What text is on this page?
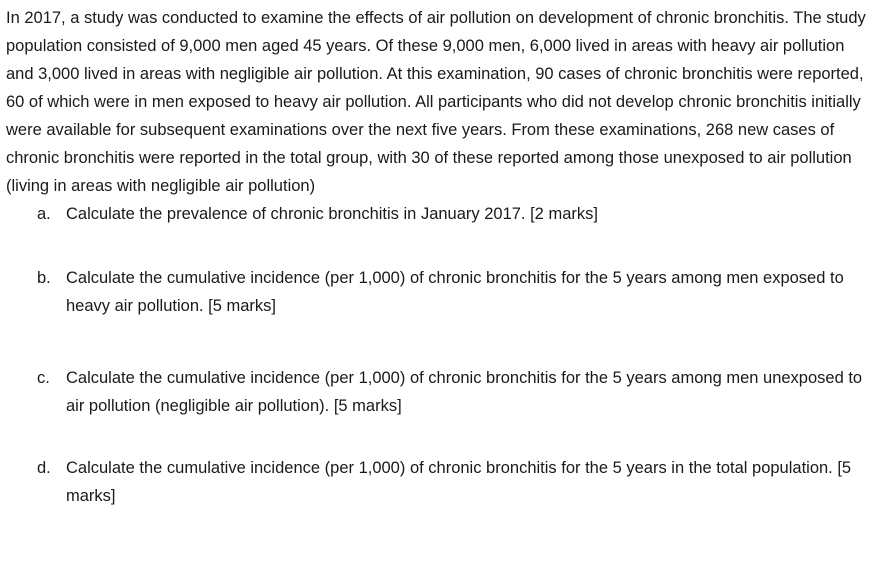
In 2017, a study was conducted to examine the effects of air pollution on development of chronic bronchitis. The study population consisted of 9,000 men aged 45 years. Of these 9,000 men, 6,000 lived in areas with heavy air pollution and 3,000 lived in areas with negligible air pollution. At this examination, 90 cases of chronic bronchitis were reported, 60 of which were in men exposed to heavy air pollution. All participants who did not develop chronic bronchitis initially were available for subsequent examinations over the next five years. From these examinations, 268 new cases of chronic bronchitis were reported in the total group, with 30 of these reported among those unexposed to air pollution (living in areas with negligible air pollution)

a. Calculate the prevalence of chronic bronchitis in January 2017. [2 marks]
b. Calculate the cumulative incidence (per 1,000) of chronic bronchitis for the 5 years among men exposed to heavy air pollution. [5 marks]
c. Calculate the cumulative incidence (per 1,000) of chronic bronchitis for the 5 years among men unexposed to air pollution (negligible air pollution). [5 marks]
d. Calculate the cumulative incidence (per 1,000) of chronic bronchitis for the 5 years in the total population. [5 marks]
